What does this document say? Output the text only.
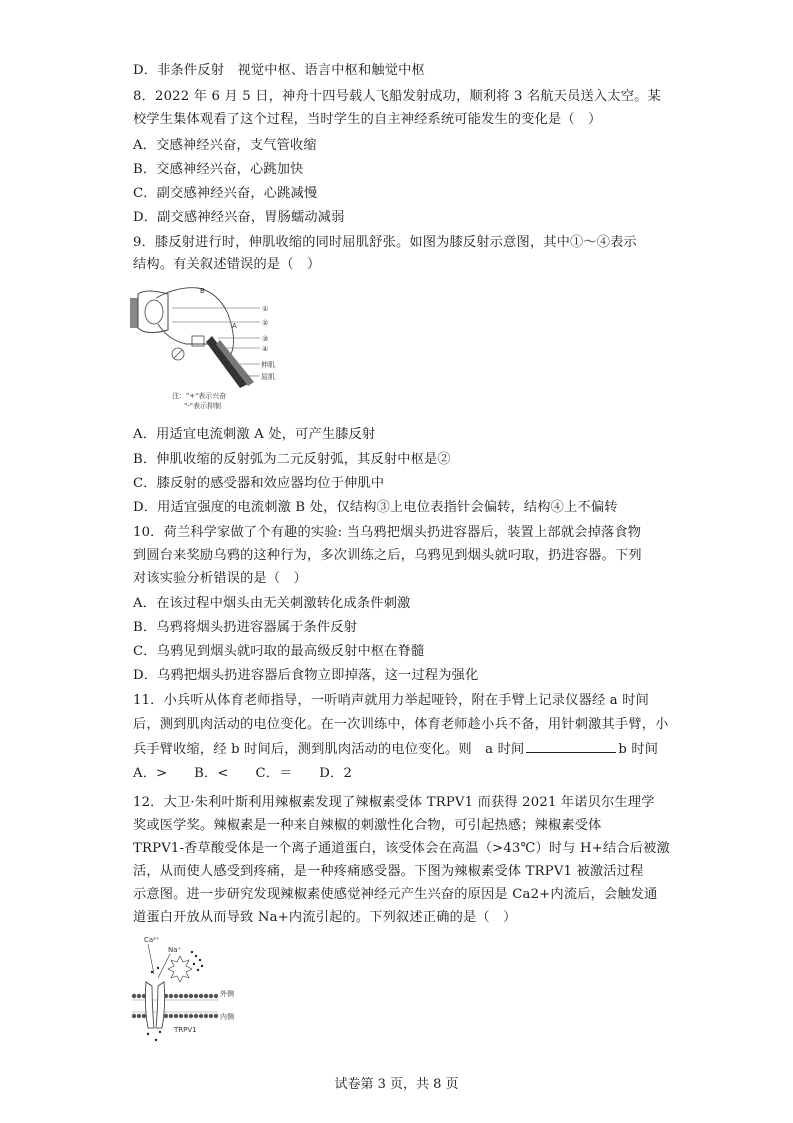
D．非条件反射　视觉中枢、语言中枢和触觉中枢
8．2022 年 6 月 5 日，神舟十四号载人飞船发射成功，顺利将 3 名航天员送入太空。某
校学生集体观看了这个过程，当时学生的自主神经系统可能发生的变化是（　）
A．交感神经兴奋，支气管收缩
B．交感神经兴奋，心跳加快
C．副交感神经兴奋，心跳减慢
D．副交感神经兴奋，胃肠蠕动减弱
9．膝反射进行时，伸肌收缩的同时屈肌舒张。如图为膝反射示意图，其中①～④表示
结构。有关叙述错误的是（　）
B
①
②
③
④
A
伸肌
屈肌
注："+"表示兴奋
"-"表示抑制
A．用适宜电流刺激 A 处，可产生膝反射
B．伸肌收缩的反射弧为二元反射弧，其反射中枢是②
C．膝反射的感受器和效应器均位于伸肌中
D．用适宜强度的电流刺激 B 处，仅结构③上电位表指针会偏转，结构④上不偏转
10．荷兰科学家做了个有趣的实验: 当乌鸦把烟头扔进容器后，装置上部就会掉落食物
到圆台来奖励乌鸦的这种行为，多次训练之后，乌鸦见到烟头就叼取，扔进容器。下列
对该实验分析错误的是（　）
A．在该过程中烟头由无关刺激转化成条件刺激
B．乌鸦将烟头扔进容器属于条件反射
C．乌鸦见到烟头就叼取的最高级反射中枢在脊髓
D．乌鸦把烟头扔进容器后食物立即掉落，这一过程为强化
11．小兵听从体育老师指导，一听哨声就用力举起哑铃，附在手臂上记录仪器经 a 时间
后，测到肌肉活动的电位变化。在一次训练中，体育老师趁小兵不备，用针刺激其手臂，小
兵手臂收缩，经 b 时间后，测到肌肉活动的电位变化。则　a 时间	b 时间
A．>　　B．<　　C．＝　　D．2
12．大卫·朱利叶斯利用辣椒素发现了辣椒素受体 TRPV1 而获得 2021 年诺贝尔生理学
奖或医学奖。辣椒素是一种来自辣椒的刺激性化合物，可引起热感；辣椒素受体
TRPV1-香草酸受体是一个离子通道蛋白，该受体会在高温（>43℃）时与 H+结合后被激
活，从而使人感受到疼痛，是一种疼痛感受器。下图为辣椒素受体 TRPV1 被激活过程
示意图。进一步研究发现辣椒素使感觉神经元产生兴奋的原因是 Ca2+内流后，会触发通
道蛋白开放从而导致 Na+内流引起的。下列叙述正确的是（　）
Ca²⁺
Na⁺
外侧
内侧
TRPV1
试卷第 3 页，共 8 页
